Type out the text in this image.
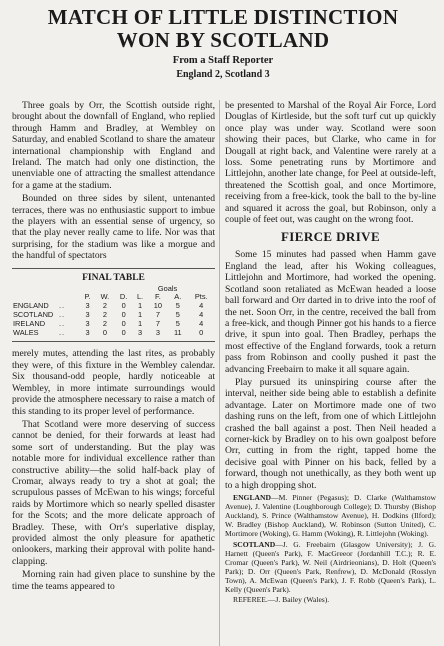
MATCH OF LITTLE DISTINCTION
WON BY SCOTLAND
From a Staff Reporter
England 2, Scotland 3

Three goals by Orr, the Scottish outside right, brought about the downfall of England, who replied through Hamm and Bradley, at Wembley on Saturday, and enabled Scotland to share the amateur international championship with England and Ireland. The match had only one distinction, the unenviable one of attracting the smallest attendance for a game at the stadium.

Bounded on three sides by silent, untenanted terraces, there was no enthusiastic support to imbue the players with an essential sense of urgency, so that the play never really came to life. Nor was that surprising, for the stadium was like a morgue and the handful of spectators

FINAL TABLE
						Goals		
		P.	W.	D.	L.	F.	A.	Pts.
ENGLAND	..	3	2	0	1	10	5	4
SCOTLAND	..	3	2	0	1	7	5	4
IRELAND	..	3	2	0	1	7	5	4
WALES	..	3	0	0	3	3	11	0

merely mutes, attending the last rites, as probably they were, of this fixture in the Wembley calendar. Six thousand-odd people, hardly noticeable at Wembley, in more intimate surroundings would provide the atmosphere necessary to raise a match of this standing to its proper level of performance.

That Scotland were more deserving of success cannot be denied, for their forwards at least had some sort of understanding. But the play was notable more for individual excellence rather than constructive ability—the solid half-back play of Cromar, always ready to try a shot at goal; the scrupulous passes of McEwan to his wings; forceful raids by Mortimore which so nearly spelled disaster for the Scots; and the more delicate approach of Bradley. These, with Orr's superlative display, provided almost the only pleasure for apathetic onlookers, marking their approval with polite hand-clapping.

Morning rain had given place to sunshine by the time the teams appeared to

be presented to Marshal of the Royal Air Force, Lord Douglas of Kirtleside, but the soft turf cut up quickly once play was under way. Scotland were soon showing their paces, but Clarke, who came in for Dougall at right back, and Valentine were rarely at a loss. Some penetrating runs by Mortimore and Littlejohn, another late change, for Peel at outside-left, threatened the Scottish goal, and once Mortimore, receiving from a free-kick, took the ball to the by-line and squared it across the goal, but Robinson, only a couple of feet out, was caught on the wrong foot.

FIERCE DRIVE

Some 15 minutes had passed when Hamm gave England the lead, after his Woking colleagues, Littlejohn and Mortimore, had worked the opening. Scotland soon retaliated as McEwan headed a loose ball forward and Orr darted in to drive into the roof of the net. Soon Orr, in the centre, received the ball from a free-kick, and though Pinner got his hands to a fierce drive, it spun into goal. Then Bradley, perhaps the most effective of the England forwards, took a return pass from Robinson and coolly pushed it past the advancing Freebairn to make it all square again.

Play pursued its uninspiring course after the interval, neither side being able to establish a definite advantage. Later on Mortimore made one of two dashing runs on the left, from one of which Littlejohn crashed the ball against a post. Then Neil headed a corner-kick by Bradley on to his own goalpost before Orr, cutting in from the right, tapped home the decisive goal with Pinner on his back, felled by a forward, though not unethically, as they both went up to a high dropping shot.

ENGLAND—M. Pinner (Pegasus); D. Clarke (Walthamstow Avenue), J. Valentine (Loughborough College); D. Thursby (Bishop Auckland), S. Prince (Walthamstow Avenue), H. Dodkins (Ilford); W. Bradley (Bishop Auckland), W. Robinson (Sutton United), C. Mortimore (Woking), G. Hamm (Woking), R. Littlejohn (Woking).

SCOTLAND—J. G. Freebairn (Glasgow University); J. G. Harnett (Queen's Park), F. MacGreeor (Jordanhill T.C.); R. E. Cromar (Queen's Park), W. Neil (Airdrieonians), D. Holt (Queen's Park); D. Orr (Queen's Park, Renfrew), D. McDonald (Rosslyn Town), A. McEwan (Queen's Park), J. F. Robb (Queen's Park), L. Kelly (Queen's Park).

REFEREE.—J. Bailey (Wales).
